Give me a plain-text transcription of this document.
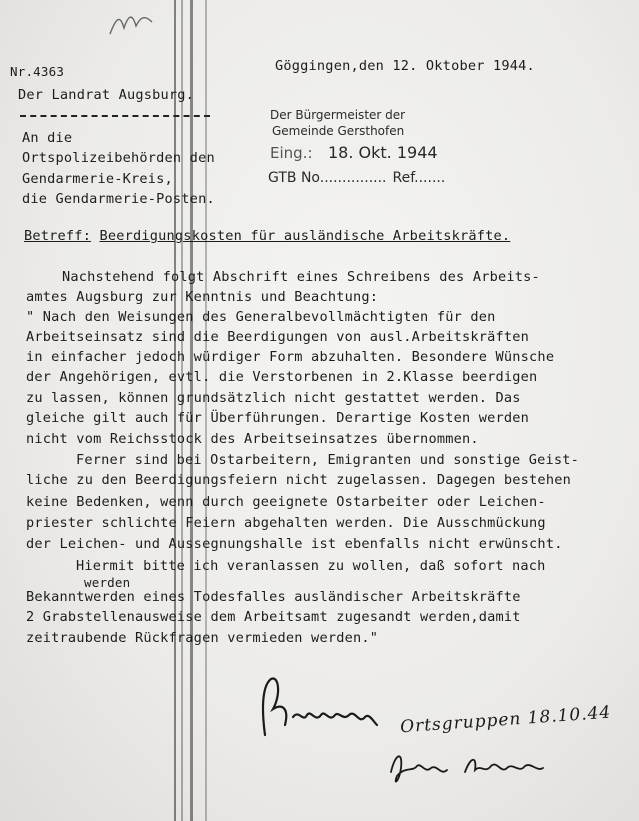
Nr.4363
Der Landrat Augsburg.
Göggingen,den 12. Oktober 1944.
An die
Ortspolizeibehörden den
Gendarmerie-Kreis,
die Gendarmerie-Posten.
Der Bürgermeister der
Gemeinde Gersthofen
Eing.: 18. Okt. 1944
GTB No............... Ref.......
Betreff: Beerdigungskosten für ausländische Arbeitskräfte.
Nachstehend folgt Abschrift eines Schreibens des Arbeits-
amtes Augsburg zur Kenntnis und Beachtung:
" Nach den Weisungen des Generalbevollmächtigten für den
Arbeitseinsatz sind die Beerdigungen von ausl.Arbeitskräften
in einfacher jedoch würdiger Form abzuhalten. Besondere Wünsche
der Angehörigen, evtl. die Verstorbenen in 2.Klasse beerdigen
zu lassen, können grundsätzlich nicht gestattet werden. Das
gleiche gilt auch für Überführungen. Derartige Kosten werden
nicht vom Reichsstock des Arbeitseinsatzes übernommen.
Ferner sind bei Ostarbeitern, Emigranten und sonstige Geist-
liche zu den Beerdigungsfeiern nicht zugelassen. Dagegen bestehen
keine Bedenken, wenn durch geeignete Ostarbeiter oder Leichen-
priester schlichte Feiern abgehalten werden. Die Ausschmückung
der Leichen- und Aussegnungshalle ist ebenfalls nicht erwünscht.
Hiermit bitte ich veranlassen zu wollen, daß sofort nach
werden
Bekanntwerden eines Todesfalles ausländischer Arbeitskräfte
2 Grabstellenausweise dem Arbeitsamt zugesandt werden,damit
zeitraubende Rückfragen vermieden werden."
Ortsgruppen 18.10.44
